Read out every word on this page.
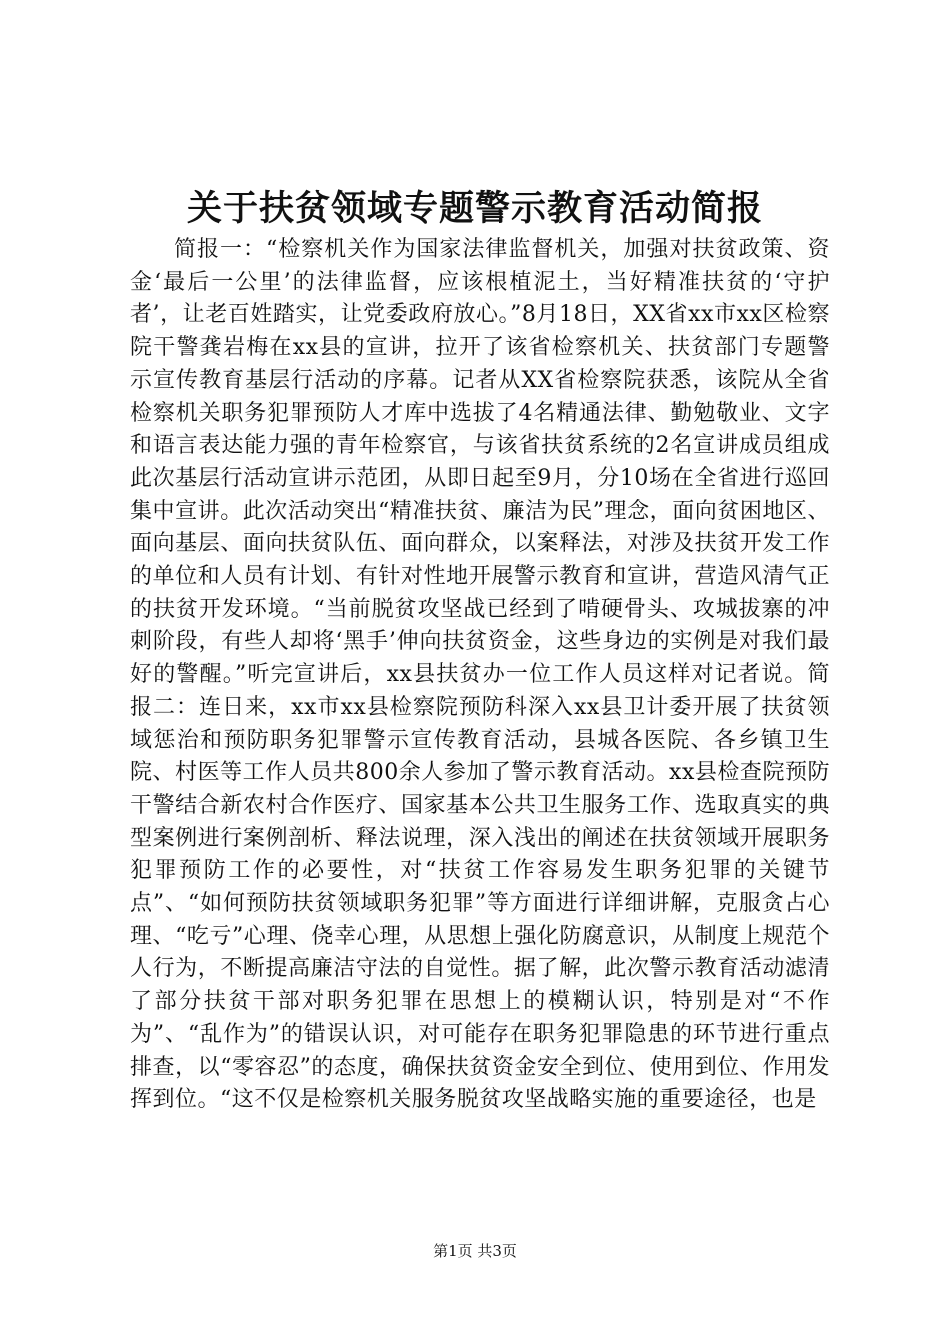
关于扶贫领域专题警示教育活动简报

简报一：“检察机关作为国家法律监督机关，加强对扶贫政策、资金‘最后一公里’的法律监督，应该根植泥土，当好精准扶贫的‘守护者’，让老百姓踏实，让党委政府放心。”8月18日，XX省xx市xx区检察院干警龚岩梅在xx县的宣讲，拉开了该省检察机关、扶贫部门专题警示宣传教育基层行活动的序幕。记者从XX省检察院获悉，该院从全省检察机关职务犯罪预防人才库中选拔了4名精通法律、勤勉敬业、文字和语言表达能力强的青年检察官，与该省扶贫系统的2名宣讲成员组成此次基层行活动宣讲示范团，从即日起至9月，分10场在全省进行巡回集中宣讲。此次活动突出“精准扶贫、廉洁为民”理念，面向贫困地区、面向基层、面向扶贫队伍、面向群众，以案释法，对涉及扶贫开发工作的单位和人员有计划、有针对性地开展警示教育和宣讲，营造风清气正的扶贫开发环境。“当前脱贫攻坚战已经到了啃硬骨头、攻城拔寨的冲刺阶段，有些人却将‘黑手’伸向扶贫资金，这些身边的实例是对我们最好的警醒。”听完宣讲后，xx县扶贫办一位工作人员这样对记者说。简报二：连日来，xx市xx县检察院预防科深入xx县卫计委开展了扶贫领域惩治和预防职务犯罪警示宣传教育活动，县城各医院、各乡镇卫生院、村医等工作人员共800余人参加了警示教育活动。xx县检查院预防干警结合新农村合作医疗、国家基本公共卫生服务工作、选取真实的典型案例进行案例剖析、释法说理，深入浅出的阐述在扶贫领域开展职务犯罪预防工作的必要性，对“扶贫工作容易发生职务犯罪的关键节点”、“如何预防扶贫领域职务犯罪”等方面进行详细讲解，克服贪占心理、“吃亏”心理、侥幸心理，从思想上强化防腐意识，从制度上规范个人行为，不断提高廉洁守法的自觉性。据了解，此次警示教育活动滤清了部分扶贫干部对职务犯罪在思想上的模糊认识，特别是对“不作为”、“乱作为”的错误认识，对可能存在职务犯罪隐患的环节进行重点排查，以“零容忍”的态度，确保扶贫资金安全到位、使用到位、作用发挥到位。“这不仅是检察机关服务脱贫攻坚战略实施的重要途径，也是

第1页 共3页
